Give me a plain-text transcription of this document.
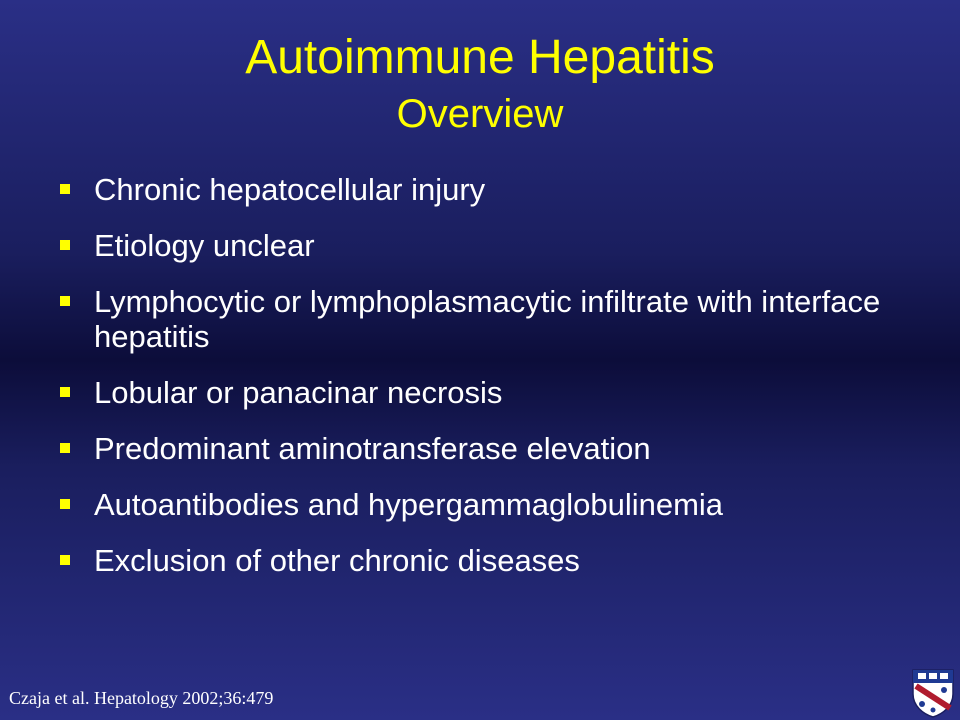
Autoimmune Hepatitis
Overview
Chronic hepatocellular injury
Etiology unclear
Lymphocytic or lymphoplasmacytic infiltrate with interface hepatitis
Lobular or panacinar necrosis
Predominant aminotransferase elevation
Autoantibodies and hypergammaglobulinemia
Exclusion of other chronic diseases
Czaja et al. Hepatology 2002;36:479
